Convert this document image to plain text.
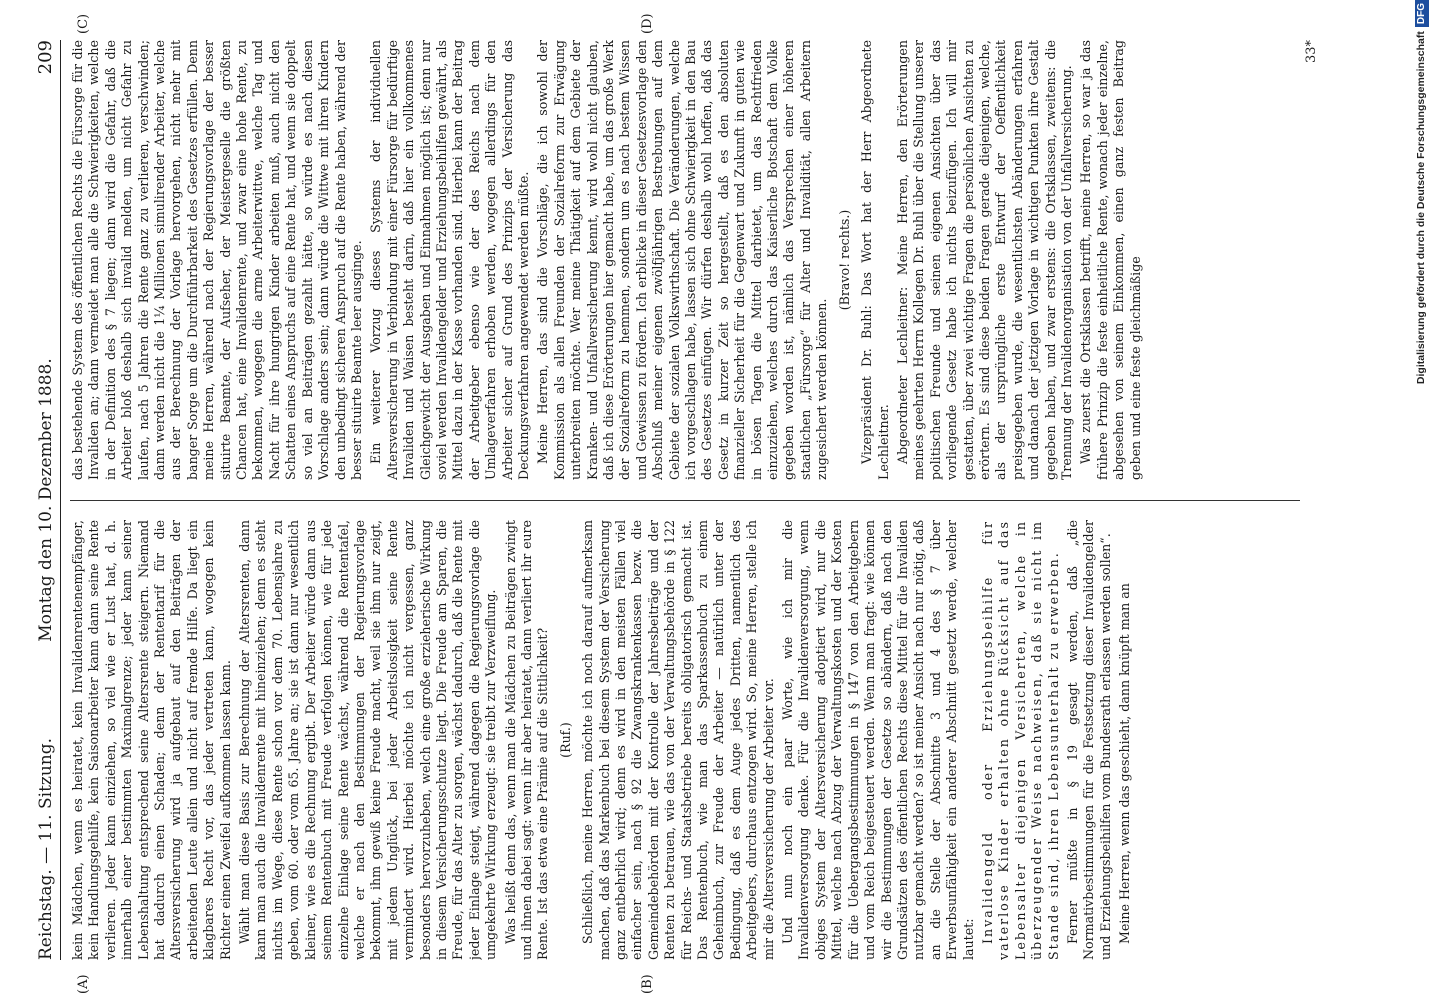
Reichstag. — 11. Sitzung.
Montag den 10. Dezember 1888.
209
(A)	(B)
(C)	(D)

kein Mädchen, wenn es heiratet, kein Invalidenrentenempfänger, kein Handlungsgehilfe, kein Saisonarbeiter kann dann seine Rente verlieren. Jeder kann einziehen, so viel wie er Lust hat, d. h. innerhalb einer bestimmten Maximalgrenze; jeder kann seiner Lebenshaltung entsprechend seine Altersrente steigern. Niemand hat dadurch einen Schaden; denn der Rententarif für die Altersversicherung wird ja aufgebaut auf den Beiträgen der arbeitenden Leute allein und nicht auf fremde Hilfe. Da liegt ein klagbares Recht vor, das jeder vertreten kann, wogegen kein Richter einen Zweifel aufkommen lassen kann. Wählt man diese Basis zur Berechnung der Altersrenten, dann kann man auch die Invalidenrente mit hineinziehen; denn es steht nichts im Wege, diese Rente schon vor dem 70. Lebensjahre zu geben, vom 60. oder vom 65. Jahre an; sie ist dann nur wesentlich kleiner, wie es die Rechnung ergibt. Der Arbeiter würde dann aus seinem Rentenbuch mit Freude verfolgen können, wie für jede einzelne Einlage seine Rente wächst, während die Rententafel, welche er nach den Bestimmungen der Regierungsvorlage bekommt, ihm gewiß keine Freude macht, weil sie ihm nur zeigt, mit jedem Unglück, bei jeder Arbeitslosigkeit seine Rente vermindert wird. Hierbei möchte ich nicht vergessen, ganz besonders hervorzuheben, welch eine große erzieherische Wirkung in diesem Versicherungsschutze liegt. Die Freude am Sparen, die Freude, für das Alter zu sorgen, wächst dadurch, daß die Rente mit jeder Einlage steigt, während dagegen die Regierungsvorlage die umgekehrte Wirkung erzeugt: sie treibt zur Verzweiflung. Was heißt denn das, wenn man die Mädchen zu Beiträgen zwingt und ihnen dabei sagt: wenn ihr aber heiratet, dann verliert ihr eure Rente. Ist das etwa eine Prämie auf die Sittlichkeit? (Ruf.) Schließlich, meine Herren, möchte ich noch darauf aufmerksam machen, daß das Markenbuch bei diesem System der Versicherung ganz entbehrlich wird; denn es wird in den meisten Fällen viel einfacher sein, nach § 92 die Zwangskrankenkassen bezw. die Gemeindebehörden mit der Kontrolle der Jahresbeiträge und der Renten zu betrauen, wie das von der Verwaltungsbehörde in § 122 für Reichs- und Staatsbetriebe bereits obligatorisch gemacht ist. Das Rentenbuch, wie man das Sparkassenbuch zu einem Geheimbuch, zur Freude der Arbeiter — natürlich unter der Bedingung, daß es dem Auge jedes Dritten, namentlich des Arbeitgebers, durchaus entzogen wird. So, meine Herren, stelle ich mir die Altersversicherung der Arbeiter vor. Und nun noch ein paar Worte, wie ich mir die Invalidenversorgung denke. Für die Invalidenversorgung, wenn obiges System der Altersversicherung adoptiert wird, nur die Mittel, welche nach Abzug der Verwaltungskosten und der Kosten für die Uebergangsbestimmungen in § 147 von den Arbeitgebern und vom Reich beigesteuert werden. Wenn man fragt: wie können wir die Bestimmungen der Gesetze so abändern, daß nach den Grundsätzen des öffentlichen Rechts diese Mittel für die Invaliden nutzbar gemacht werden? so ist meiner Ansicht nach nur nötig, daß an die Stelle der Abschnitte 3 und 4 des § 7 über Erwerbsunfähigkeit ein anderer Abschnitt gesetzt werde, welcher lautet: Invalidengeld oder Erziehungsbeihilfe für vaterlose Kinder erhalten ohne Rücksicht auf das Lebensalter diejenigen Versicherten, welche in überzeugender Weise nachweisen, daß sie nicht im Stande sind, ihren Lebensunterhalt zu erwerben. Ferner müßte in § 19 gesagt werden, daß „die Normativbestimmungen für die Festsetzung dieser Invalidengelder und Erziehungsbeihilfen vom Bundesrath erlassen werden sollen“. Meine Herren, wenn das geschieht, dann knüpft man an

das bestehende System des öffentlichen Rechts die Fürsorge für die Invaliden an; dann vermeidet man alle die Schwierigkeiten, welche in der Definition des § 7 liegen; dann wird die Gefahr, daß die Arbeiter bloß deshalb sich invalid melden, um nicht Gefahr zu laufen, nach 5 Jahren die Rente ganz zu verlieren, verschwinden; dann werden nicht die 1¼ Millionen simulirender Arbeiter, welche aus der Berechnung der Vorlage hervorgehen, nicht mehr mit banger Sorge um die Durchführbarkeit des Gesetzes erfüllen. Denn meine Herren, während nach der Regierungsvorlage der besser situirte Beamte, der Aufseher, der Meistergeselle die größten Chancen hat, eine Invalidenrente, und zwar eine hohe Rente, zu bekommen, wogegen die arme Arbeiterwittwe, welche Tag und Nacht für ihre hungrigen Kinder arbeiten muß, auch nicht den Schatten eines Anspruchs auf eine Rente hat, und wenn sie doppelt so viel an Beiträgen gezahlt hätte, so würde es nach diesen Vorschlage anders sein; dann würde die Wittwe mit ihren Kindern den unbedingt sicheren Anspruch auf die Rente haben, während der besser situirte Beamte leer ausginge. Ein weiterer Vorzug dieses Systems der individuellen Altersversicherung in Verbindung mit einer Fürsorge für bedürftige Invaliden und Waisen besteht darin, daß hier ein vollkommenes Gleichgewicht der Ausgaben und Einnahmen möglich ist; denn nur soviel werden Invalidengelder und Erziehungsbeihilfen gewährt, als Mittel dazu in der Kasse vorhanden sind. Hierbei kann der Beitrag der Arbeitgeber ebenso wie der des Reichs nach dem Umlageverfahren erhoben werden, wogegen allerdings für den Arbeiter sicher auf Grund des Prinzips der Versicherung das Deckungsverfahren angewendet werden müßte. Meine Herren, das sind die Vorschläge, die ich sowohl der Kommission als allen Freunden der Sozialreform zur Erwägung unterbreiten möchte. Wer meine Thätigkeit auf dem Gebiete der Kranken- und Unfallversicherung kennt, wird wohl nicht glauben, daß ich diese Erörterungen hier gemacht habe, um das große Werk der Sozialreform zu hemmen, sondern um es nach bestem Wissen und Gewissen zu fördern. Ich erblicke in dieser Gesetzesvorlage den Abschluß meiner eigenen zwölfjährigen Bestrebungen auf dem Gebiete der sozialen Volkswirthschaft. Die Veränderungen, welche ich vorgeschlagen habe, lassen sich ohne Schwierigkeit in den Bau des Gesetzes einfügen. Wir dürfen deshalb wohl hoffen, daß das Gesetz in kurzer Zeit so hergestellt, daß es den absoluten finanzieller Sicherheit für die Gegenwart und Zukunft in guten wie in bösen Tagen die Mittel darbietet, um das Rechtfrieden einzuziehen, welches durch das Kaiserliche Botschaft dem Volke gegeben worden ist, nämlich das Versprechen einer höheren staatlichen „Fürsorge“ für Alter und Invalidität, allen Arbeitern zugesichert werden können.

(Bravo! rechts.) Vizepräsident Dr. Buhl: Das Wort hat der Herr Abgeordnete Lechleitner. Abgeordneter Lechleitner: Meine Herren, den Erörterungen meines geehrten Herrn Kollegen Dr. Buhl über die Stellung unserer politischen Freunde und seinen eigenen Ansichten über das vorliegende Gesetz habe ich nichts beizufügen. Ich will mir gestatten, über zwei wichtige Fragen die persönlichen Ansichten zu erörtern. Es sind diese beiden Fragen gerade diejenigen, welche, als der ursprüngliche erste Entwurf der Oeffentlichkeit preisgegeben wurde, die wesentlichsten Abänderungen erfahren und danach der jetzigen Vorlage in wichtigen Punkten ihre Gestalt gegeben haben, und zwar erstens: die Ortsklassen, zweitens: die Trennung der Invalidenorganisation von der Unfallversicherung. Was zuerst die Ortsklassen betrifft, meine Herren, so war ja das frühere Prinzip die feste einheitliche Rente, wonach jeder einzelne, abgesehen von seinem Einkommen, einen ganz festen Beitrag geben und eine feste gleichmäßige

33*	Digitalisierung gefördert durch die Deutsche ForschungsgemeinschaftDFG
